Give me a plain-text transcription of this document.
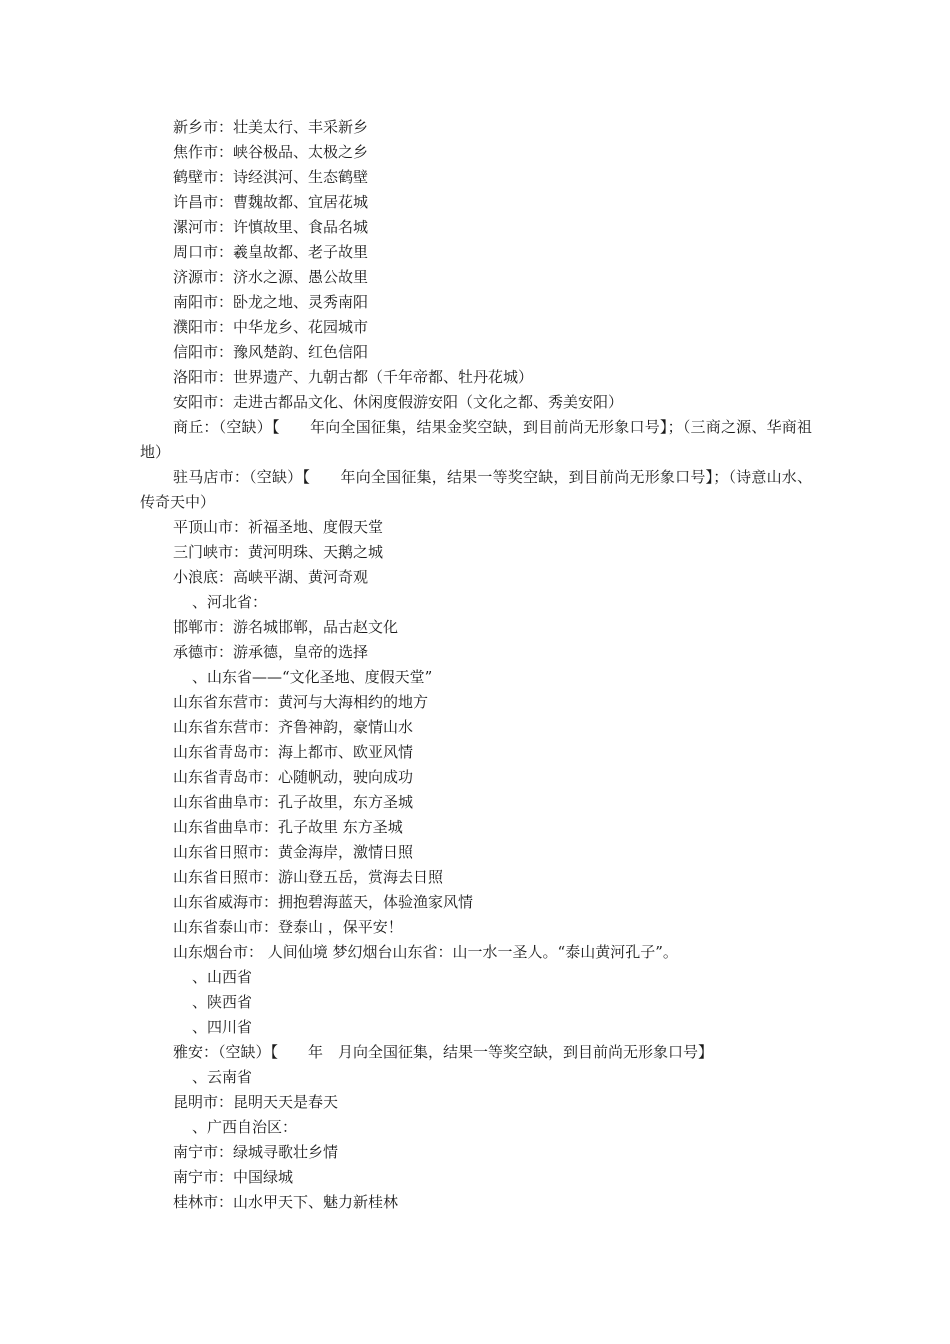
新乡市：壮美太行、丰采新乡
焦作市：峡谷极品、太极之乡
鹤壁市：诗经淇河、生态鹤壁
许昌市：曹魏故都、宜居花城
漯河市：许慎故里、食品名城
周口市：羲皇故都、老子故里
济源市：济水之源、愚公故里
南阳市：卧龙之地、灵秀南阳
濮阳市：中华龙乡、花园城市
信阳市：豫风楚韵、红色信阳
洛阳市：世界遗产、九朝古都（千年帝都、牡丹花城）
安阳市：走进古都品文化、休闲度假游安阳（文化之都、秀美安阳）
商丘：（空缺）【　　年向全国征集，结果金奖空缺，到目前尚无形象口号】；（三商之源、华商祖地）
驻马店市：（空缺）【　　年向全国征集，结果一等奖空缺，到目前尚无形象口号】；（诗意山水、传奇天中）
平顶山市：祈福圣地、度假天堂
三门峡市：黄河明珠、天鹅之城
小浪底：高峡平湖、黄河奇观
、河北省：
邯郸市：游名城邯郸，品古赵文化
承德市：游承德，皇帝的选择
、山东省——“文化圣地、度假天堂”
山东省东营市：黄河与大海相约的地方
山东省东营市：齐鲁神韵，豪情山水
山东省青岛市：海上都市、欧亚风情
山东省青岛市：心随帆动，驶向成功
山东省曲阜市：孔子故里，东方圣城
山东省曲阜市：孔子故里 东方圣城
山东省日照市：黄金海岸，激情日照
山东省日照市：游山登五岳，赏海去日照
山东省威海市：拥抱碧海蓝天，体验渔家风情
山东省泰山市：登泰山 ，保平安！
山东烟台市： 人间仙境 梦幻烟台山东省：山一水一圣人。“泰山黄河孔子”。
、山西省
、陕西省
、四川省
雅安：（空缺）【　　年　月向全国征集，结果一等奖空缺，到目前尚无形象口号】
、云南省
昆明市：昆明天天是春天
、广西自治区：
南宁市：绿城寻歌壮乡情
南宁市：中国绿城
桂林市：山水甲天下、魅力新桂林
